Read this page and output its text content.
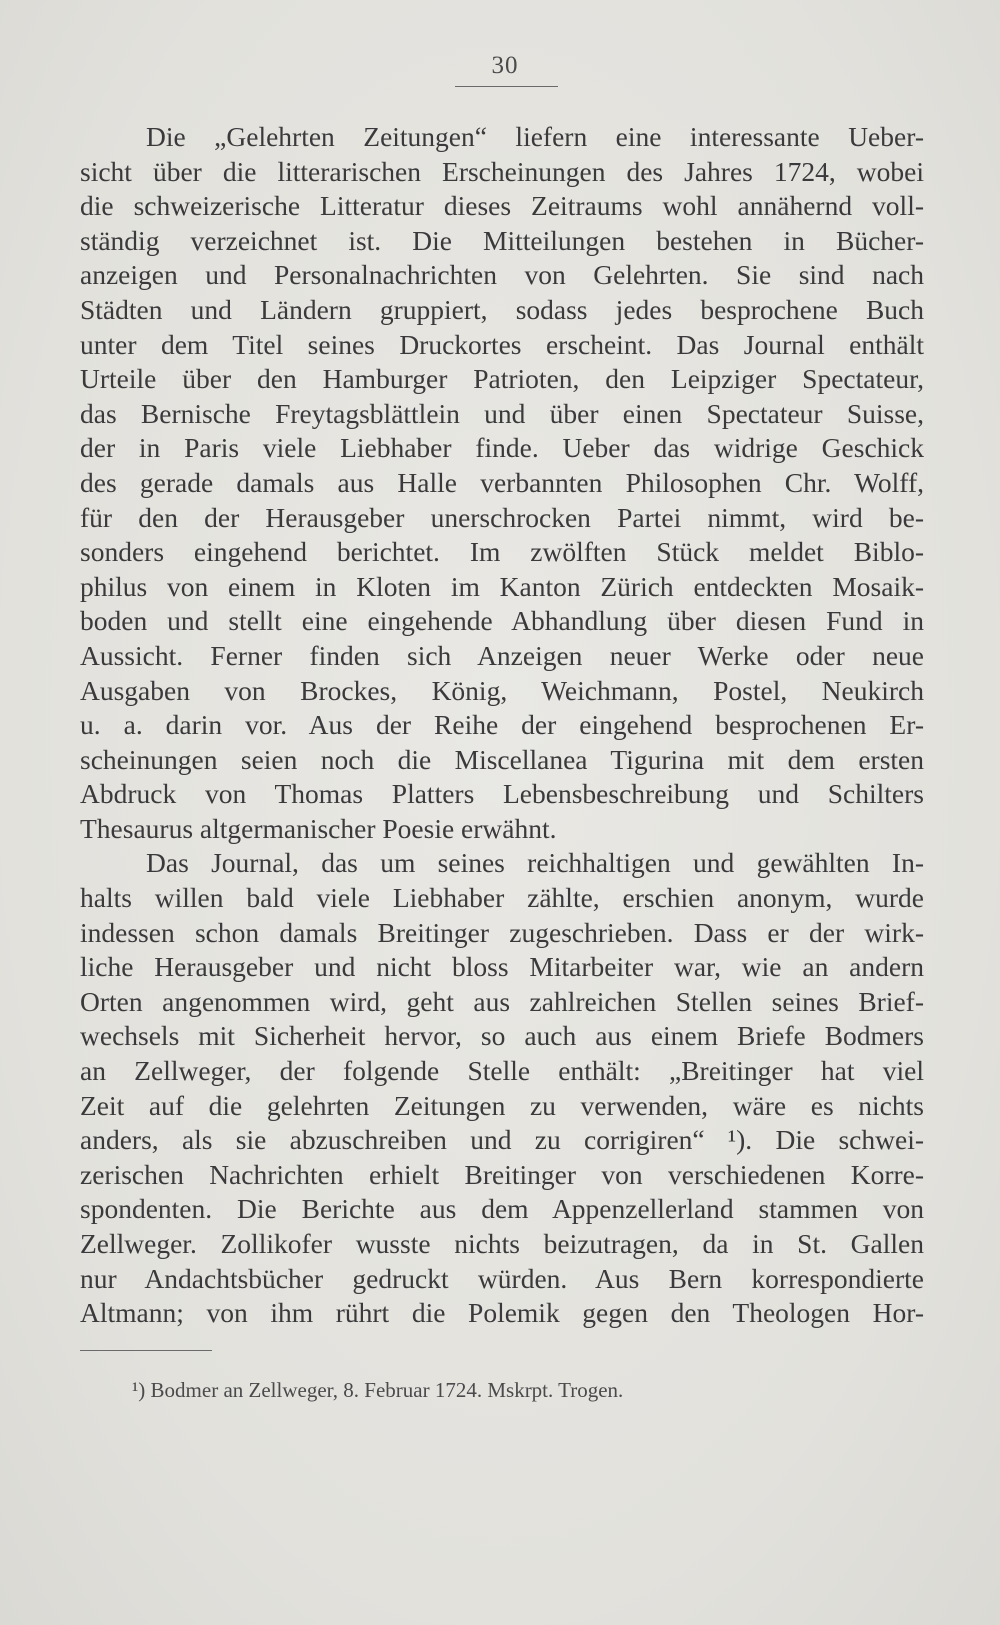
30
Die „Gelehrten Zeitungen“ liefern eine interessante Ueber-
sicht über die litterarischen Erscheinungen des Jahres 1724, wobei
die schweizerische Litteratur dieses Zeitraums wohl annähernd voll-
ständig verzeichnet ist. Die Mitteilungen bestehen in Bücher-
anzeigen und Personalnachrichten von Gelehrten. Sie sind nach
Städten und Ländern gruppiert, sodass jedes besprochene Buch
unter dem Titel seines Druckortes erscheint. Das Journal enthält
Urteile über den Hamburger Patrioten, den Leipziger Spectateur,
das Bernische Freytagsblättlein und über einen Spectateur Suisse,
der in Paris viele Liebhaber finde. Ueber das widrige Geschick
des gerade damals aus Halle verbannten Philosophen Chr. Wolff,
für den der Herausgeber unerschrocken Partei nimmt, wird be-
sonders eingehend berichtet. Im zwölften Stück meldet Biblo-
philus von einem in Kloten im Kanton Zürich entdeckten Mosaik-
boden und stellt eine eingehende Abhandlung über diesen Fund in
Aussicht. Ferner finden sich Anzeigen neuer Werke oder neue
Ausgaben von Brockes, König, Weichmann, Postel, Neukirch
u. a. darin vor. Aus der Reihe der eingehend besprochenen Er-
scheinungen seien noch die Miscellanea Tigurina mit dem ersten
Abdruck von Thomas Platters Lebensbeschreibung und Schilters
Thesaurus altgermanischer Poesie erwähnt.
Das Journal, das um seines reichhaltigen und gewählten In-
halts willen bald viele Liebhaber zählte, erschien anonym, wurde
indessen schon damals Breitinger zugeschrieben. Dass er der wirk-
liche Herausgeber und nicht bloss Mitarbeiter war, wie an andern
Orten angenommen wird, geht aus zahlreichen Stellen seines Brief-
wechsels mit Sicherheit hervor, so auch aus einem Briefe Bodmers
an Zellweger, der folgende Stelle enthält: „Breitinger hat viel
Zeit auf die gelehrten Zeitungen zu verwenden, wäre es nichts
anders, als sie abzuschreiben und zu corrigiren“ ¹). Die schwei-
zerischen Nachrichten erhielt Breitinger von verschiedenen Korre-
spondenten. Die Berichte aus dem Appenzellerland stammen von
Zellweger. Zollikofer wusste nichts beizutragen, da in St. Gallen
nur Andachtsbücher gedruckt würden. Aus Bern korrespondierte
Altmann; von ihm rührt die Polemik gegen den Theologen Hor-
¹) Bodmer an Zellweger, 8. Februar 1724. Mskrpt. Trogen.
